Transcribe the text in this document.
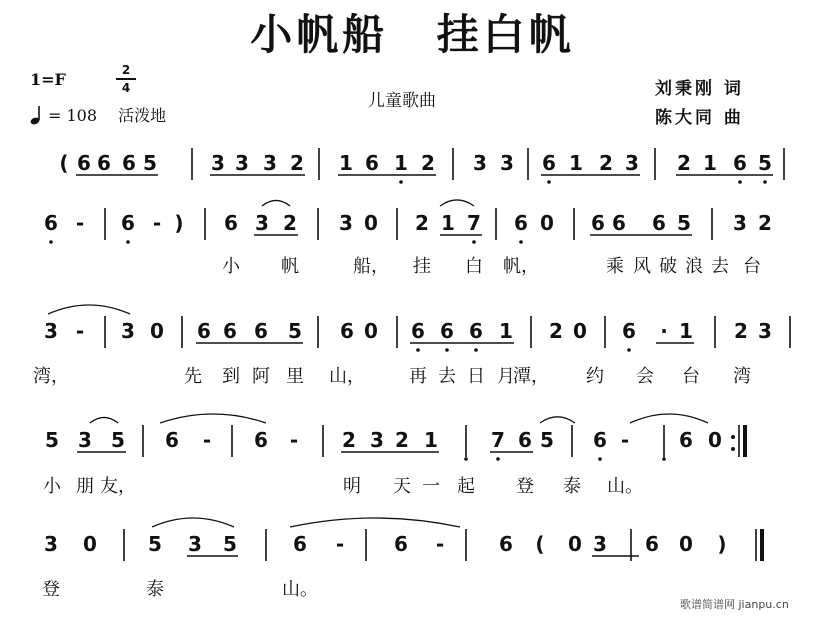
小帆船 挂白帆
1=F	2
4
= 108 活泼地
儿童歌曲
刘秉刚 词
陈大同 曲
( 6 6 6 5	3 3 3 2 1 6 1 2 3 3 6 1 2 3 2 1 6 5
6 - 6 - ) 6 3 2 3 0 2 1 7 6 0 6 6 6 5 3 2
小 帆	船， 挂 白 帆，	乘 风 破 浪 去 台
3 - 3 0 6 6 6 5 6 0 6 6 6 1 2 0 6 · 1 2 3
湾，	先 到 阿 里 山， 再 去 日 月
潭， 约 会 台 湾
5 3 5 6 - 6 - 2 3 2 1	7 6 5 6 - 6 0
小 朋 友，	明 天 一 起 登 泰 山。
3 0	5 3 5	6 - 6 -	6 ( 0 3 6 0 )
登	泰	山。
歌谱简谱网 jianpu.cn
